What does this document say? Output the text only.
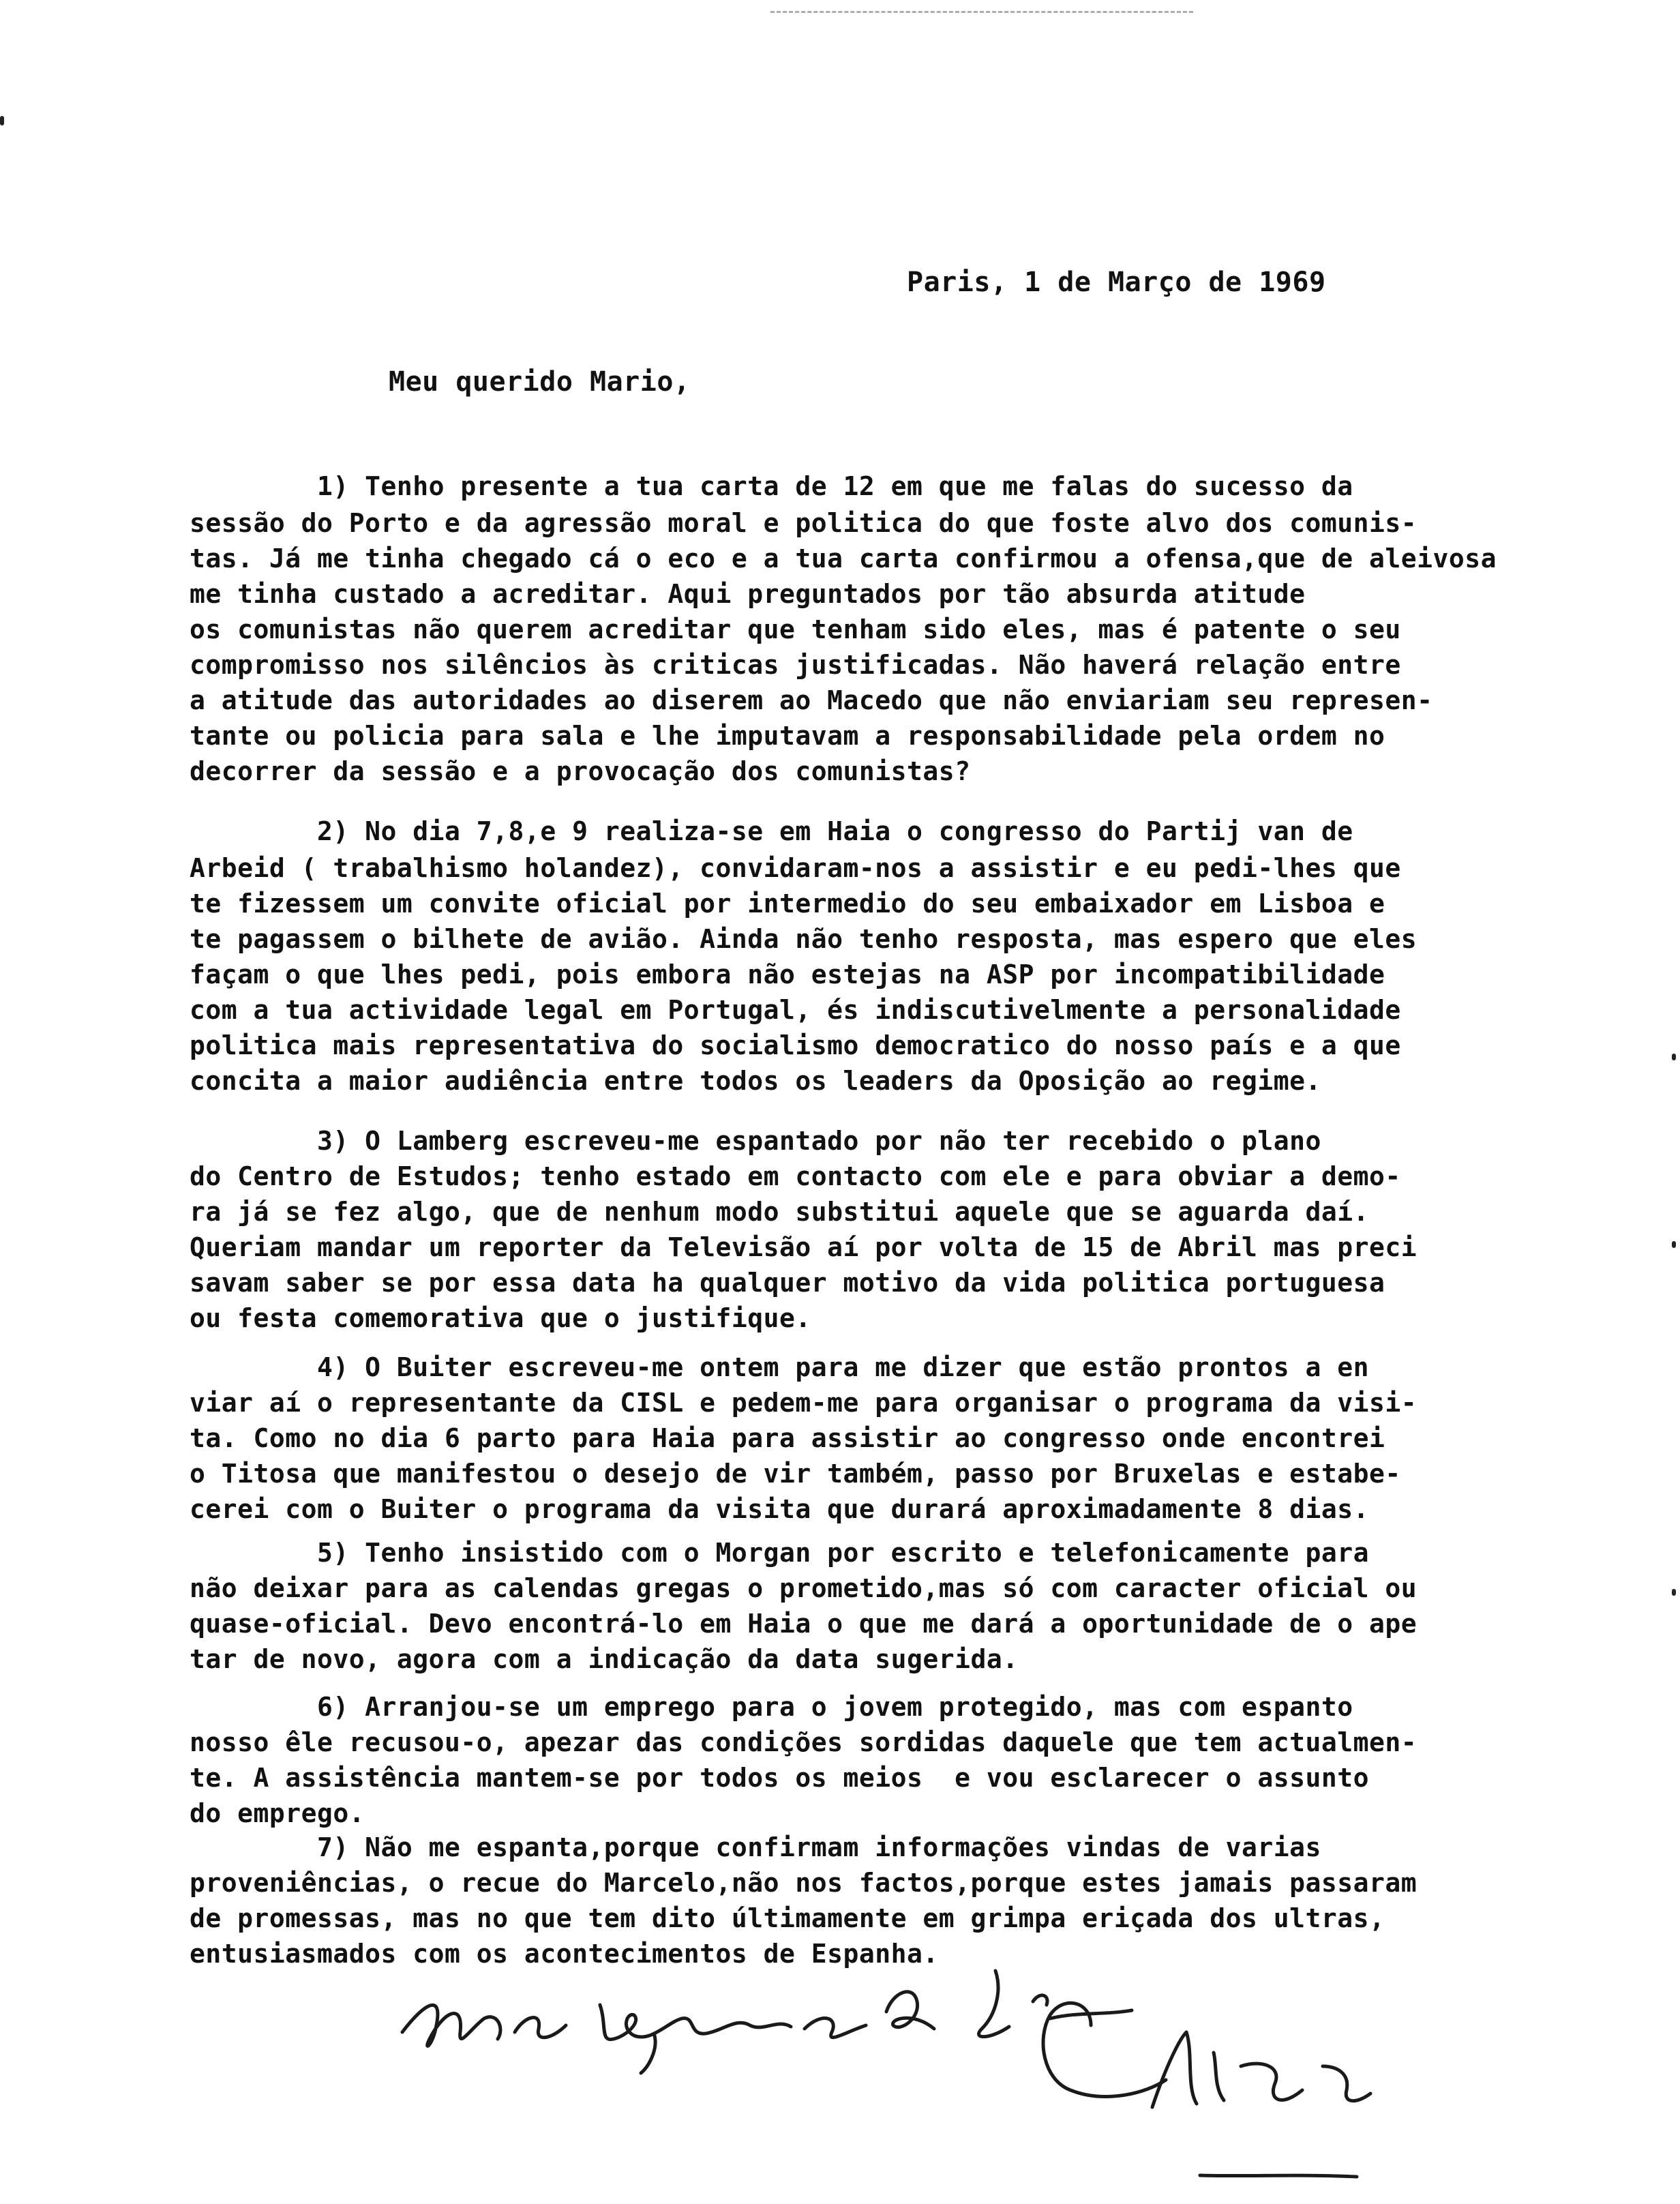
Paris, 1 de Março de 1969
Meu querido Mario,
1) Tenho presente a tua carta de 12 em que me falas do sucesso da
sessão do Porto e da agressão moral e politica do que foste alvo dos comunis-
tas. Já me tinha chegado cá o eco e a tua carta confirmou a ofensa,que de aleivosa
me tinha custado a acreditar. Aqui preguntados por tão absurda atitude
os comunistas não querem acreditar que tenham sido eles, mas é patente o seu
compromisso nos silêncios às criticas justificadas. Não haverá relação entre
a atitude das autoridades ao diserem ao Macedo que não enviariam seu represen-
tante ou policia para sala e lhe imputavam a responsabilidade pela ordem no
decorrer da sessão e a provocação dos comunistas?
2) No dia 7,8,e 9 realiza-se em Haia o congresso do Partij van de
Arbeid ( trabalhismo holandez), convidaram-nos a assistir e eu pedi-lhes que
te fizessem um convite oficial por intermedio do seu embaixador em Lisboa e
te pagassem o bilhete de avião. Ainda não tenho resposta, mas espero que eles
façam o que lhes pedi, pois embora não estejas na ASP por incompatibilidade
com a tua actividade legal em Portugal, és indiscutivelmente a personalidade
politica mais representativa do socialismo democratico do nosso país e a que
concita a maior audiência entre todos os leaders da Oposição ao regime.
3) O Lamberg escreveu-me espantado por não ter recebido o plano
do Centro de Estudos; tenho estado em contacto com ele e para obviar a demo-
ra já se fez algo, que de nenhum modo substitui aquele que se aguarda daí.
Queriam mandar um reporter da Televisão aí por volta de 15 de Abril mas preci
savam saber se por essa data ha qualquer motivo da vida politica portuguesa
ou festa comemorativa que o justifique.
4) O Buiter escreveu-me ontem para me dizer que estão prontos a en
viar aí o representante da CISL e pedem-me para organisar o programa da visi-
ta. Como no dia 6 parto para Haia para assistir ao congresso onde encontrei
o Titosa que manifestou o desejo de vir também, passo por Bruxelas e estabe-
cerei com o Buiter o programa da visita que durará aproximadamente 8 dias.
5) Tenho insistido com o Morgan por escrito e telefonicamente para
não deixar para as calendas gregas o prometido,mas só com caracter oficial ou
quase-oficial. Devo encontrá-lo em Haia o que me dará a oportunidade de o ape
tar de novo, agora com a indicação da data sugerida.
6) Arranjou-se um emprego para o jovem protegido, mas com espanto
nosso êle recusou-o, apezar das condições sordidas daquele que tem actualmen-
te. A assistência mantem-se por todos os meios  e vou esclarecer o assunto
do emprego.
7) Não me espanta,porque confirmam informações vindas de varias
proveniências, o recue do Marcelo,não nos factos,porque estes jamais passaram
de promessas, mas no que tem dito últimamente em grimpa eriçada dos ultras,
entusiasmados com os acontecimentos de Espanha.
